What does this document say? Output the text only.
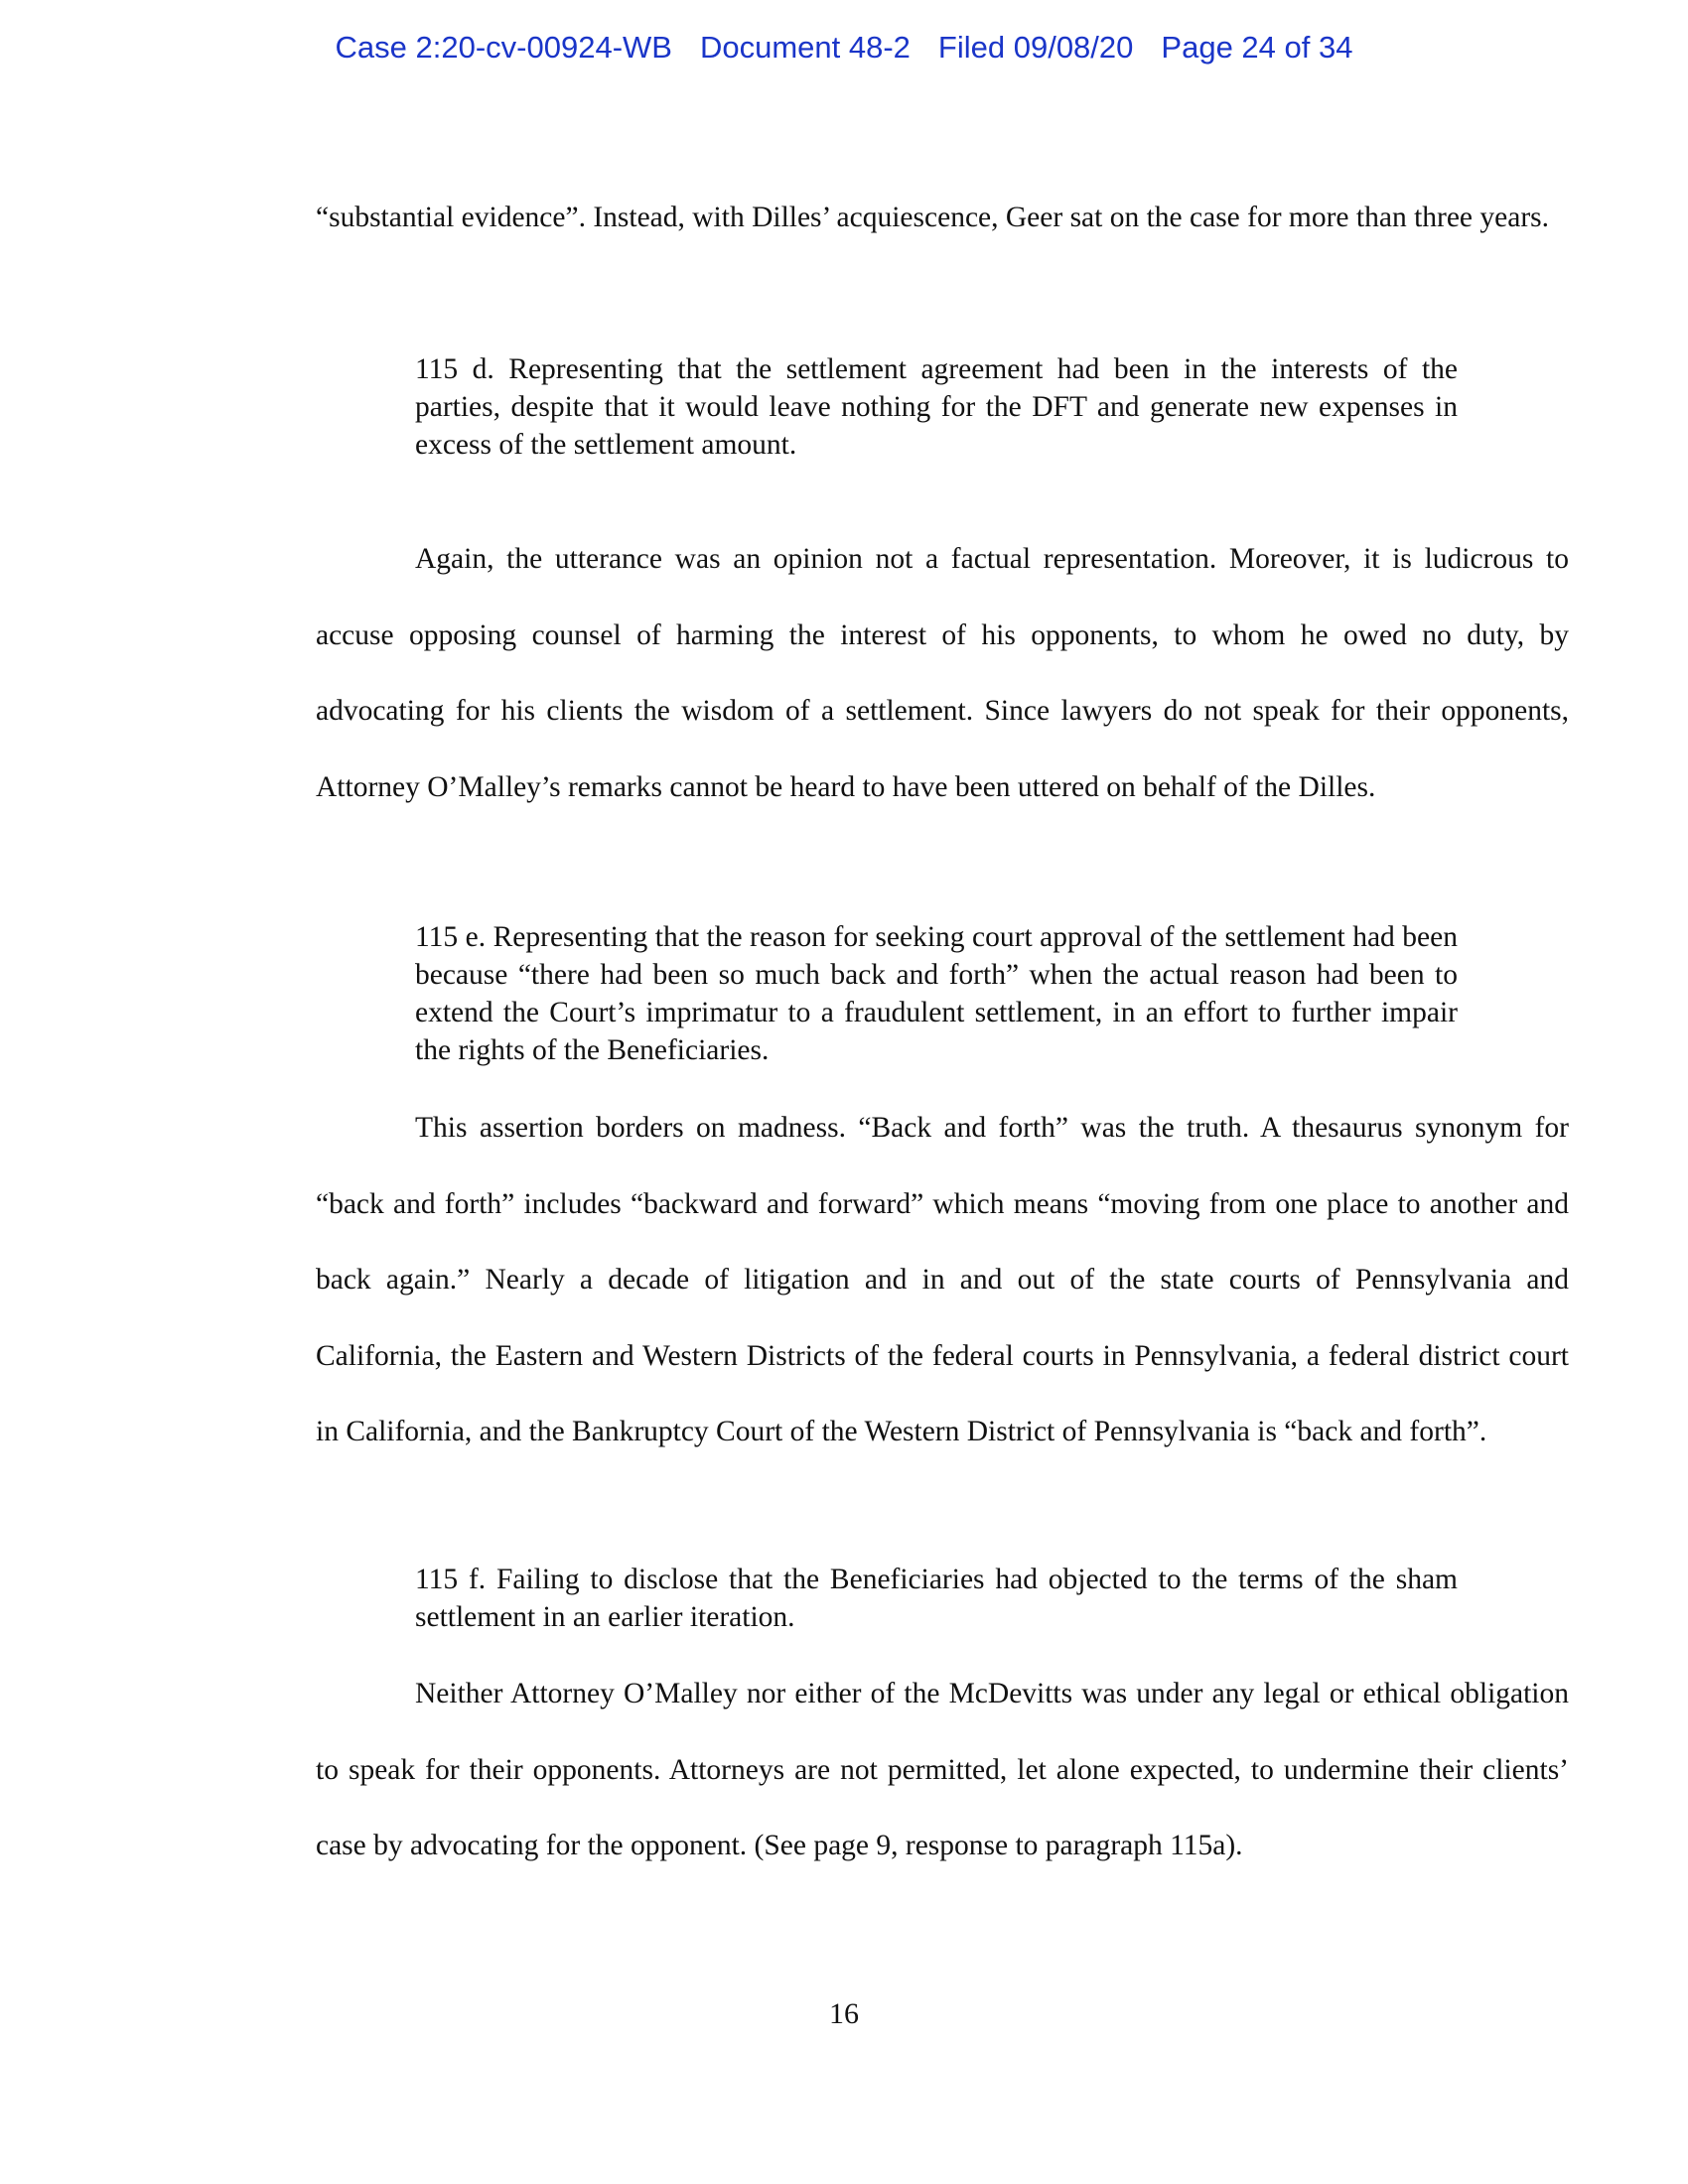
Case 2:20-cv-00924-WB Document 48-2 Filed 09/08/20 Page 24 of 34

“substantial evidence”. Instead, with Dilles’ acquiescence, Geer sat on the case for more than three years.

115 d. Representing that the settlement agreement had been in the interests of the parties, despite that it would leave nothing for the DFT and generate new expenses in excess of the settlement amount.

Again, the utterance was an opinion not a factual representation. Moreover, it is ludicrous to accuse opposing counsel of harming the interest of his opponents, to whom he owed no duty, by advocating for his clients the wisdom of a settlement. Since lawyers do not speak for their opponents, Attorney O’Malley’s remarks cannot be heard to have been uttered on behalf of the Dilles.

115 e. Representing that the reason for seeking court approval of the settlement had been because “there had been so much back and forth” when the actual reason had been to extend the Court’s imprimatur to a fraudulent settlement, in an effort to further impair the rights of the Beneficiaries.

This assertion borders on madness. “Back and forth” was the truth. A thesaurus synonym for “back and forth” includes “backward and forward” which means “moving from one place to another and back again.” Nearly a decade of litigation and in and out of the state courts of Pennsylvania and California, the Eastern and Western Districts of the federal courts in Pennsylvania, a federal district court in California, and the Bankruptcy Court of the Western District of Pennsylvania is “back and forth”.

115 f. Failing to disclose that the Beneficiaries had objected to the terms of the sham settlement in an earlier iteration.

Neither Attorney O’Malley nor either of the McDevitts was under any legal or ethical obligation to speak for their opponents. Attorneys are not permitted, let alone expected, to undermine their clients’ case by advocating for the opponent. (See page 9, response to paragraph 115a).

16
